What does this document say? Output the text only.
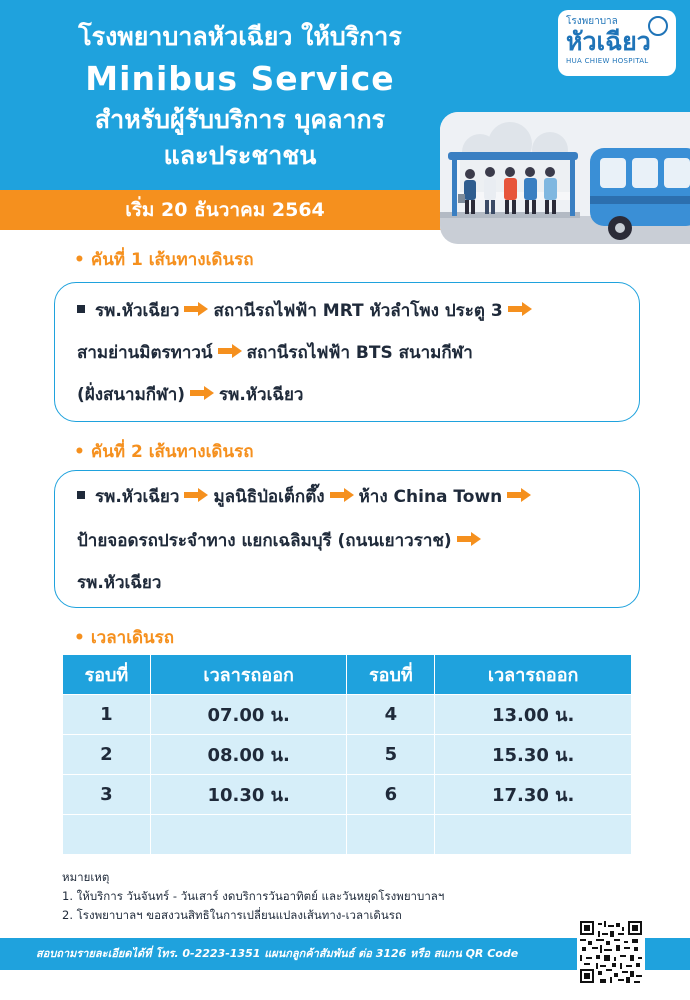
โรงพยาบาลหัวเฉียว ให้บริการ
Minibus Service
สำหรับผู้รับบริการ บุคลากร
และประชาชน
โรงพยาบาล
หัวเฉียว
HUA CHIEW HOSPITAL
เริ่ม 20 ธันวาคม 2564
• คันที่ 1 เส้นทางเดินรถ
รพ.หัวเฉียว สถานีรถไฟฟ้า MRT หัวลำโพง ประตู 3
สามย่านมิตรทาวน์ สถานีรถไฟฟ้า BTS สนามกีฬา
(ฝั่งสนามกีฬา) รพ.หัวเฉียว
• คันที่ 2 เส้นทางเดินรถ
รพ.หัวเฉียว มูลนิธิป่อเต็กตึ๊ง ห้าง China Town
ป้ายจอดรถประจำทาง แยกเฉลิมบุรี (ถนนเยาวราช)
รพ.หัวเฉียว
• เวลาเดินรถ
รอบที่	เวลารถออก	รอบที่	เวลารถออก
1	07.00 น.	4	13.00 น.
2	08.00 น.	5	15.30 น.
3	10.30 น.	6	17.30 น.

หมายเหตุ
1. ให้บริการ วันจันทร์ - วันเสาร์ งดบริการวันอาทิตย์ และวันหยุดโรงพยาบาลฯ
2. โรงพยาบาลฯ ขอสงวนสิทธิในการเปลี่ยนแปลงเส้นทาง-เวลาเดินรถ
สอบถามรายละเอียดได้ที่ โทร. 0-2223-1351 แผนกลูกค้าสัมพันธ์ ต่อ 3126 หรือ สแกน QR Code
